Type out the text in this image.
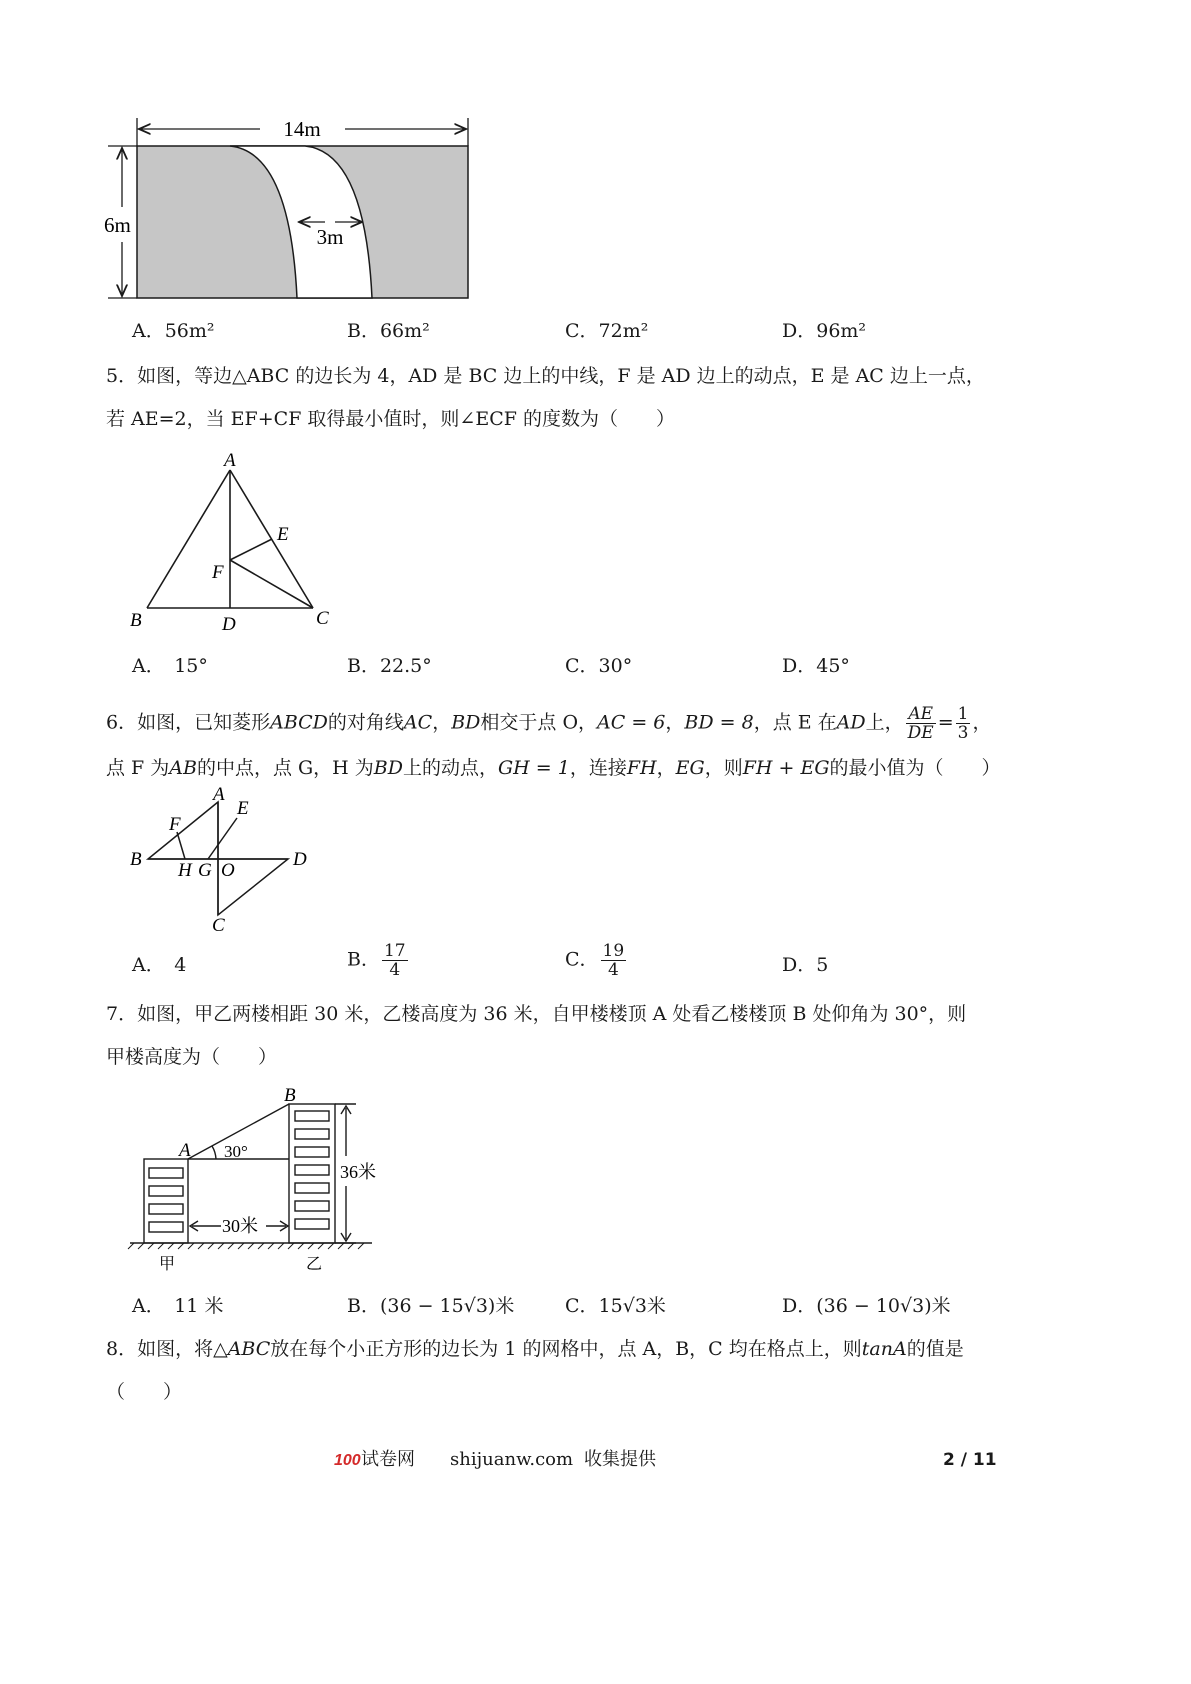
14m
6m	3m
A．56m²	B．66m²	C．72m²	D．96m²
5．如图，等边△ABC 的边长为 4，AD 是 BC 边上的中线，F 是 AD 边上的动点，E 是 AC 边上一点，
若 AE=2，当 EF+CF 取得最小值时，则∠ECF 的度数为（　　）
A
B	C
D
E
F
A．　15°	B．22.5°	C．30°	D．45°
6．如图，已知菱形ABCD的对角线AC，BD相交于点 O，AC = 6，BD = 8，点 E 在AD上， $\frac{AE}{DE} = \frac{1}{3}$ ，
点 F 为AB的中点，点 G，H 为BD上的动点，GH = 1，连接FH，EG，则FH + EG的最小值为（　　）
A
B
C
D
E
F
H G O
A．　4	B． $\frac{17}{4}$	C． $\frac{19}{4}$	D．5
7．如图，甲乙两楼相距 30 米，乙楼高度为 36 米，自甲楼楼顶 A 处看乙楼楼顶 B 处仰角为 30°，则
甲楼高度为（　　）
A
B
30°
36米
30米
甲	乙
A．　11 米	B．(36 − 15√3)米	C．15√3米	D．(36 − 10√3)米
8．如图，将△ABC放在每个小正方形的边长为 1 的网格中，点 A，B，C 均在格点上，则tanA的值是
（　　）
100 试卷网 shijuanw.com 收集提供	2 / 11
